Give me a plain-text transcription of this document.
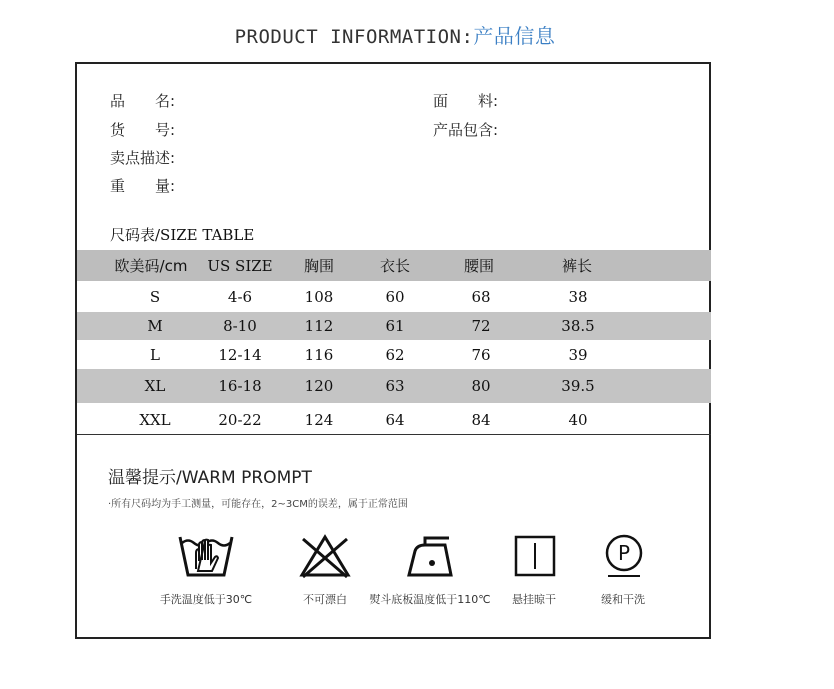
PRODUCT INFORMATION:产品信息
品　　名:	面　　料:
货　　号:	产品包含:
卖点描述:
重　　量:
尺码表/SIZE TABLE
欧美码/cm	US SIZE	胸围	衣长	腰围	裤长
S	4-6	108	60	68	38
M	8-10	112	61	72	38.5
L	12-14	116	62	76	39
XL	16-18	120	63	80	39.5
XXL	20-22	124	64	84	40
温馨提示/WARM PROMPT
·所有尺码均为手工测量，可能存在，2~3CM的误差，属于正常范围
手洗温度低于30℃	不可漂白	熨斗底板温度低于110℃	悬挂晾干
P
缓和干洗
